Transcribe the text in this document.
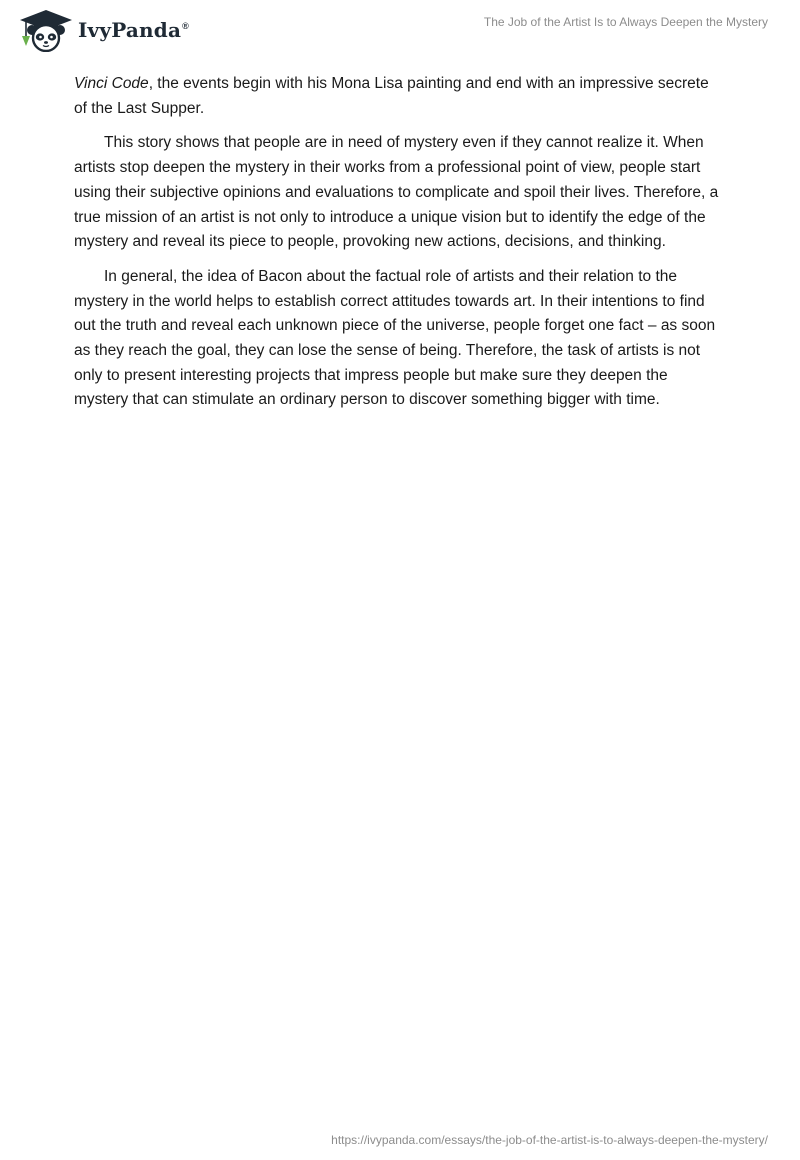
IvyPanda®	The Job of the Artist Is to Always Deepen the Mystery

Vinci Code, the events begin with his Mona Lisa painting and end with an impressive secrete of the Last Supper.

This story shows that people are in need of mystery even if they cannot realize it. When artists stop deepen the mystery in their works from a professional point of view, people start using their subjective opinions and evaluations to complicate and spoil their lives. Therefore, a true mission of an artist is not only to introduce a unique vision but to identify the edge of the mystery and reveal its piece to people, provoking new actions, decisions, and thinking.

In general, the idea of Bacon about the factual role of artists and their relation to the mystery in the world helps to establish correct attitudes towards art. In their intentions to find out the truth and reveal each unknown piece of the universe, people forget one fact – as soon as they reach the goal, they can lose the sense of being. Therefore, the task of artists is not only to present interesting projects that impress people but make sure they deepen the mystery that can stimulate an ordinary person to discover something bigger with time.

https://ivypanda.com/essays/the-job-of-the-artist-is-to-always-deepen-the-mystery/
